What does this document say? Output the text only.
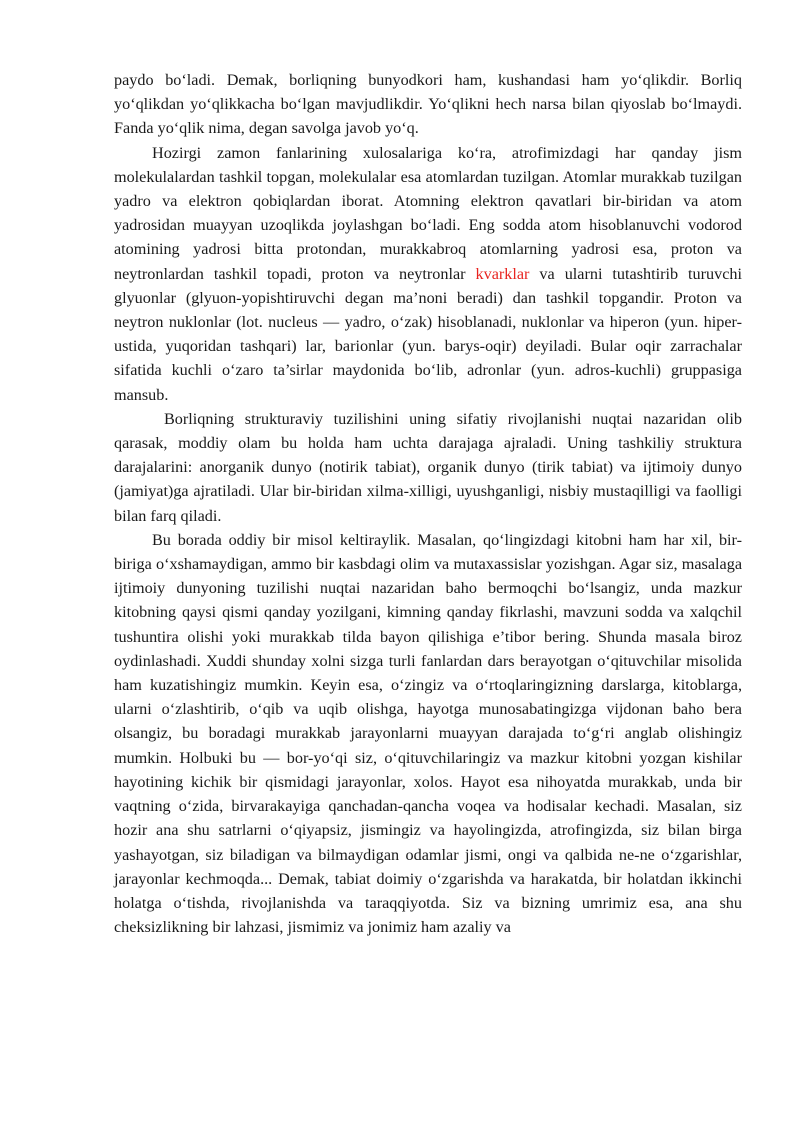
paydo bo‘ladi. Demak, borliqning bunyodkori ham, kushandasi ham yo‘qlikdir. Borliq yo‘qlikdan yo‘qlikkacha bo‘lgan mavjudlikdir. Yo‘qlikni hech narsa bilan qiyoslab bo‘lmaydi. Fanda yo‘qlik nima, degan savolga javob yo‘q.

Hozirgi zamon fanlarining xulosalariga ko‘ra, atrofimizdagi har qanday jism molekulalardan tashkil topgan, molekulalar esa atomlardan tuzilgan. Atomlar murakkab tuzilgan yadro va elektron qobiqlardan iborat. Atomning elektron qavatlari bir-biridan va atom yadrosidan muayyan uzoqlikda joylashgan bo‘ladi. Eng sodda atom hisoblanuvchi vodorod atomining yadrosi bitta protondan, murakkabroq atomlarning yadrosi esa, proton va neytronlardan tashkil topadi, proton va neytronlar kvarklar va ularni tutashtirib turuvchi glyuonlar (glyuon-yopishtiruvchi degan ma’noni beradi) dan tashkil topgandir. Proton va neytron nuklonlar (lot. nucleus — yadro, o‘zak) hisoblanadi, nuklonlar va hiperon (yun. hiper-ustida, yuqoridan tashqari) lar, barionlar (yun. barys-oqir) deyiladi. Bular oqir zarrachalar sifatida kuchli o‘zaro ta’sirlar maydonida bo‘lib, adronlar (yun. adros-kuchli) gruppasiga mansub.

Borliqning strukturaviy tuzilishini uning sifatiy rivojlanishi nuqtai nazaridan olib qarasak, moddiy olam bu holda ham uchta darajaga ajraladi. Uning tashkiliy struktura darajalarini: anorganik dunyo (notirik tabiat), organik dunyo (tirik tabiat) va ijtimoiy dunyo (jamiyat)ga ajratiladi. Ular bir-biridan xilma-xilligi, uyushganligi, nisbiy mustaqilligi va faolligi bilan farq qiladi.

Bu borada oddiy bir misol keltiraylik. Masalan, qo‘lingizdagi kitobni ham har xil, bir-biriga o‘xshamaydigan, ammo bir kasbdagi olim va mutaxassislar yozishgan. Agar siz, masalaga ijtimoiy dunyoning tuzilishi nuqtai nazaridan baho bermoqchi bo‘lsangiz, unda mazkur kitobning qaysi qismi qanday yozilgani, kimning qanday fikrlashi, mavzuni sodda va xalqchil tushuntira olishi yoki murakkab tilda bayon qilishiga e’tibor bering. Shunda masala biroz oydinlashadi. Xuddi shunday xolni sizga turli fanlardan dars berayotgan o‘qituvchilar misolida ham kuzatishingiz mumkin. Keyin esa, o‘zingiz va o‘rtoqlaringizning darslarga, kitoblarga, ularni o‘zlashtirib, o‘qib va uqib olishga, hayotga munosabatingizga vijdonan baho bera olsangiz, bu boradagi murakkab jarayonlarni muayyan darajada to‘g‘ri anglab olishingiz mumkin. Holbuki bu — bor-yo‘qi siz, o‘qituvchilaringiz va mazkur kitobni yozgan kishilar hayotining kichik bir qismidagi jarayonlar, xolos. Hayot esa nihoyatda murakkab, unda bir vaqtning o‘zida, birvarakayiga qanchadan-qancha voqea va hodisalar kechadi. Masalan, siz hozir ana shu satrlarni o‘qiyapsiz, jismingiz va hayolingizda, atrofingizda, siz bilan birga yashayotgan, siz biladigan va bilmaydigan odamlar jismi, ongi va qalbida ne-ne o‘zgarishlar, jarayonlar kechmoqda... Demak, tabiat doimiy o‘zgarishda va harakatda, bir holatdan ikkinchi holatga o‘tishda, rivojlanishda va taraqqiyotda. Siz va bizning umrimiz esa, ana shu cheksizlikning bir lahzasi, jismimiz va jonimiz ham azaliy va
